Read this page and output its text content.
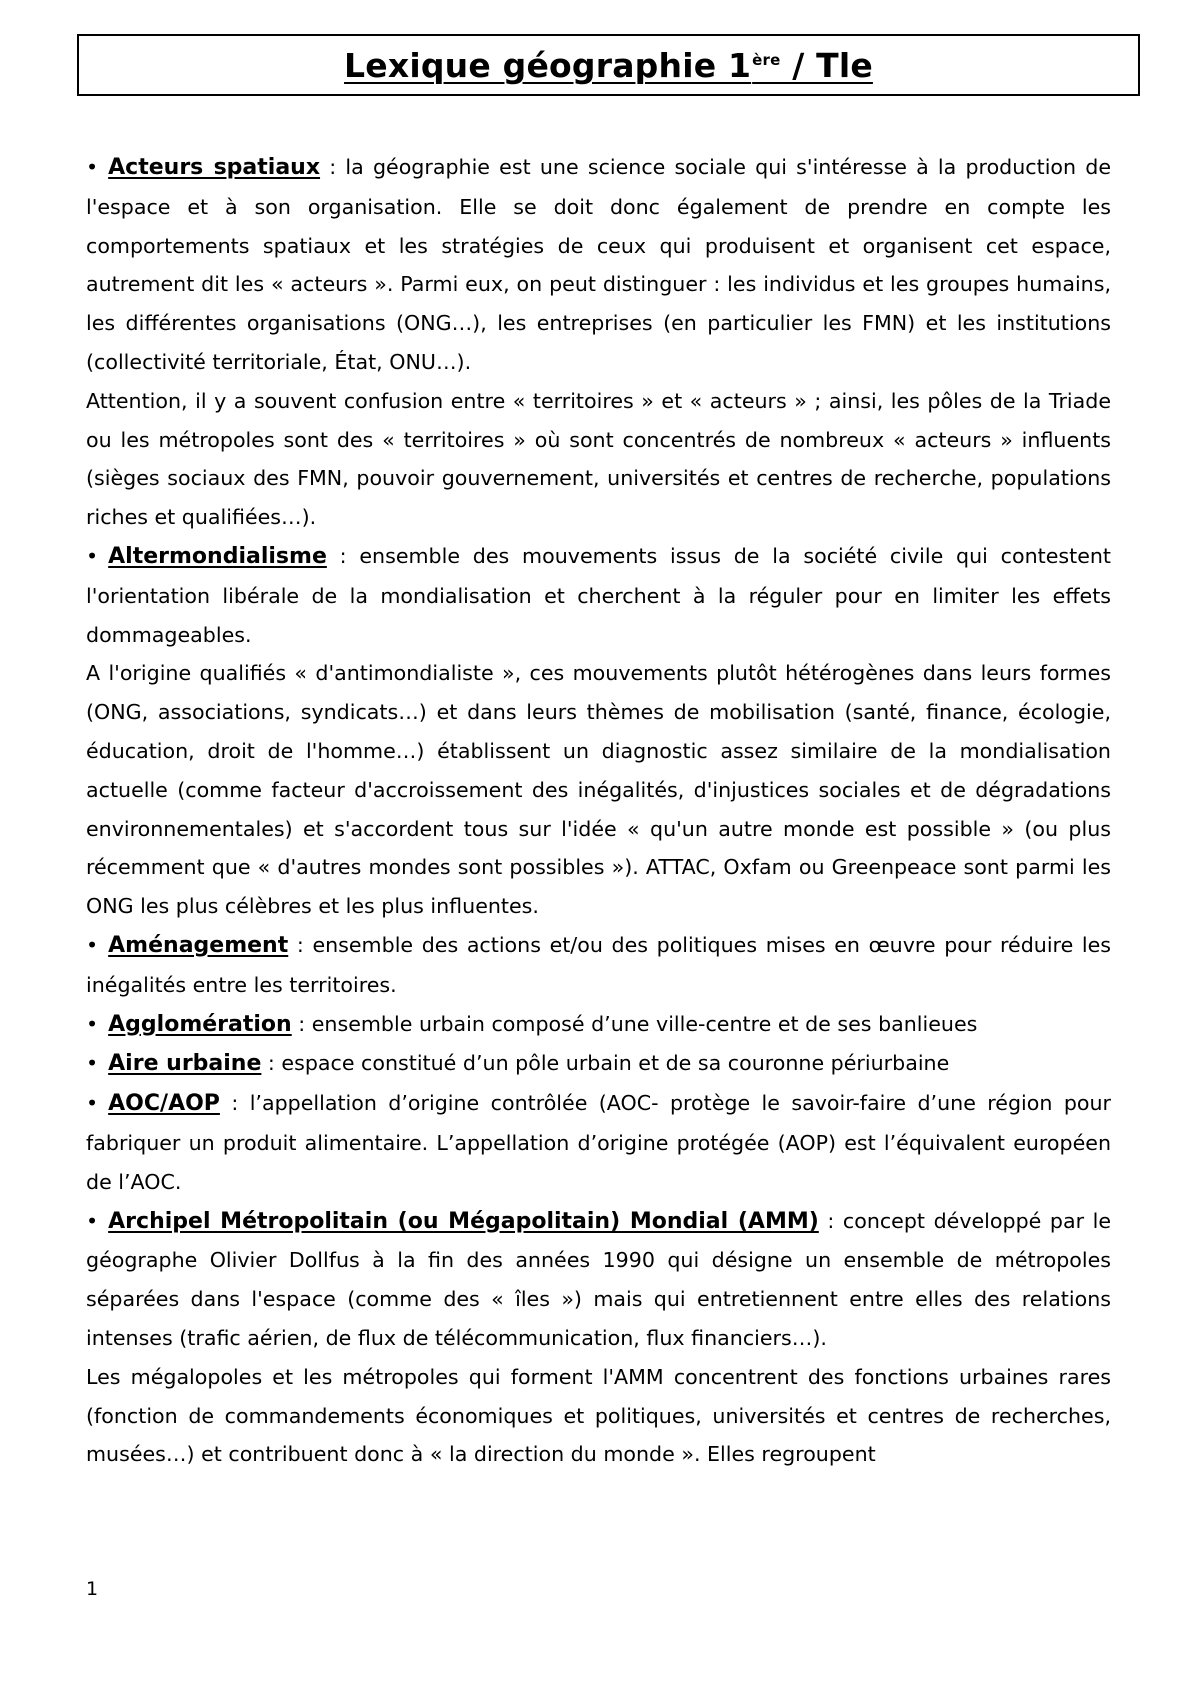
Lexique géographie 1ère / Tle

• Acteurs spatiaux : la géographie est une science sociale qui s'intéresse à la production de l'espace et à son organisation. Elle se doit donc également de prendre en compte les comportements spatiaux et les stratégies de ceux qui produisent et organisent cet espace, autrement dit les « acteurs ». Parmi eux, on peut distinguer : les individus et les groupes humains, les différentes organisations (ONG…), les entreprises (en particulier les FMN) et les institutions (collectivité territoriale, État, ONU…).

Attention, il y a souvent confusion entre « territoires » et « acteurs » ; ainsi, les pôles de la Triade ou les métropoles sont des « territoires » où sont concentrés de nombreux « acteurs » influents (sièges sociaux des FMN, pouvoir gouvernement, universités et centres de recherche, populations riches et qualifiées…).

• Altermondialisme : ensemble des mouvements issus de la société civile qui contestent l'orientation libérale de la mondialisation et cherchent à la réguler pour en limiter les effets dommageables.

A l'origine qualifiés « d'antimondialiste », ces mouvements plutôt hétérogènes dans leurs formes (ONG, associations, syndicats…) et dans leurs thèmes de mobilisation (santé, finance, écologie, éducation, droit de l'homme…) établissent un diagnostic assez similaire de la mondialisation actuelle (comme facteur d'accroissement des inégalités, d'injustices sociales et de dégradations environnementales) et s'accordent tous sur l'idée « qu'un autre monde est possible » (ou plus récemment que « d'autres mondes sont possibles »). ATTAC, Oxfam ou Greenpeace sont parmi les ONG les plus célèbres et les plus influentes.

• Aménagement : ensemble des actions et/ou des politiques mises en œuvre pour réduire les inégalités entre les territoires.

• Agglomération : ensemble urbain composé d’une ville-centre et de ses banlieues

• Aire urbaine : espace constitué d’un pôle urbain et de sa couronne périurbaine

• AOC/AOP : l’appellation d’origine contrôlée (AOC- protège le savoir-faire d’une région pour fabriquer un produit alimentaire. L’appellation d’origine protégée (AOP) est l’équivalent européen de l’AOC.

• Archipel Métropolitain (ou Mégapolitain) Mondial (AMM) : concept développé par le géographe Olivier Dollfus à la fin des années 1990 qui désigne un ensemble de métropoles séparées dans l'espace (comme des « îles ») mais qui entretiennent entre elles des relations intenses (trafic aérien, de flux de télécommunication, flux financiers…).

Les mégalopoles et les métropoles qui forment l'AMM concentrent des fonctions urbaines rares (fonction de commandements économiques et politiques, universités et centres de recherches, musées…) et contribuent donc à « la direction du monde ». Elles regroupent

1
